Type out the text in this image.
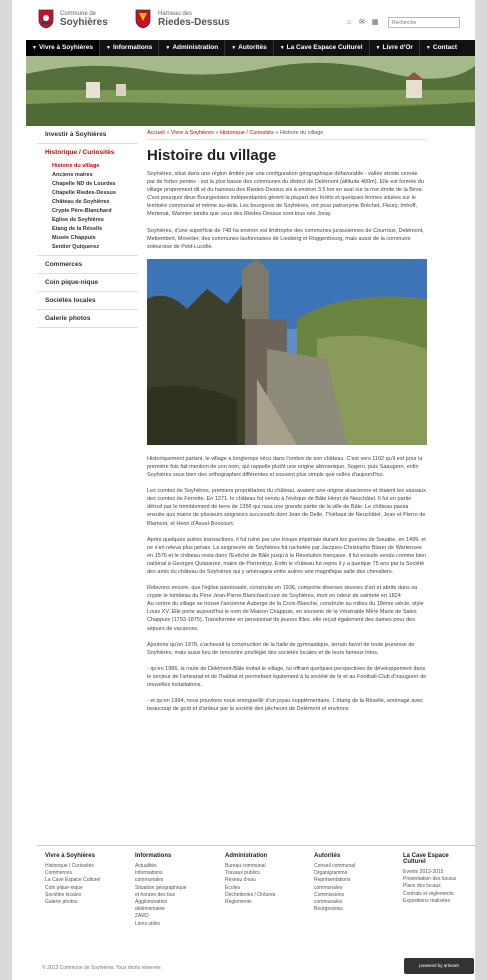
Commune de
Soyhières
Hameau des
Riedes-Dessus	⌂ ✉ ▦
Recherche
▼ Vivre à Soyhières	▼ Informations	▼ Administration	▼ Autorités	▼ La Cave Espace Culturel	▼ Livre d'Or	▼ Contact
Investir à Soyhières
Historique / Curiosités
Histoire du village
Anciens maires
Chapelle ND de Lourdes
Chapelle Riedes-Dessus
Château de Soyhières
Crypte Père-Blanchard
Eglise de Soyhières
Etang de la Réselle
Musée Chappuis
Sentier Quiquerez
Commerces
Coin pique-nique
Sociétés locales
Galerie photos
Accueil » Vivre à Soyhières » Historique / Curiosités » Histoire du village
Histoire du village

Soyhières, situé dans une région limitée par une configuration géographique défavorable - vallée étroite cernée par de fortes pentes - est la plus basse des communes du district de Delémont (altitude 400m). Elle est formée du village proprement dit et du hameau des Riedes-Dessus sis à environ 3.5 km en aval sur la rive droite de la Birse. C'est pourquoi deux Bourgeoisies indépendantes gèrent la plupart des forêts et quelques fermes situées sur le territoire communal et même au-delà. Les bourgeois de Soyhières, ont pour patronyme Bréchet, Fleury, Imhoff, Mertenat, Wannier tandis que ceux des Riedes-Dessus sont tous nés Joray.

Soyhières, d'une superficie de 748 ha environ est limitrophe des communes jurassiennes de Courroux, Delémont, Mettembert, Movelier, des communes laufonnaises de Liesberg et Roggenbourg, mais aussi de la commune soleuroise de Petit-Lucelle.

Historiquement parlant, le village a longtemps vécu dans l'ombre de son château. C'est vers 1102 qu'il est pour la première fois fait mention de son nom, qui rappelle plutôt une origine alémanique. Sogern, puis Saaugern, enfin Soyhières sous bien des orthographes différentes et souvent plus simple que celles d'aujourd'hui.

Les comtes de Soyhières, premiers propriétaires du château, avaient une origine alsacienne et étaient les vassaux des comtes de Ferrette. En 1271, le château fut vendu à l'évêque de Bâle Henri de Neuchâtel. Il fut en partie détruit par le tremblement de terre de 1356 qui rasa une grande partie de la ville de Bâle. Le château passa ensuite aux mains de plusieurs seigneurs successifs dont Jean de Delle, Thiébaut de Neuchâtel, Jean et Pierre de Blamont, et Henri d'Asuel-Boncourt.

Après quelques autres transactions, il fut ruiné par une troupe impériale durant les guerres de Souabe, en 1499, et ne s'en releva plus jamais. La seigneurie de Soyhières fut rachetée par Jacques-Christophe Blarer de Wartensee en 1576 et le château resta dans l'Evêché de Bâle jusqu'à la Révolution française. Il fut ensuite vendu comme bien national à Georges Quiquerez, maire de Porrentruy. Enfin le château fut repris il y a quelque 75 ans par la Société des amis du château de Soyhières qui y aménagea entre autres une magnifique salle des chevaliers.

Relevons encore, que l'église paroissiale, construite en 1936, comporte diverses œuvres d'art et abrite dans sa crypte le tombeau du Père Jean-Pierre Blanchard curé de Soyhières, mort en odeur de sainteté en 1824

Au centre du village se trouve l'ancienne Auberge de la Croix-Blanche, construite au milieu du 18ème siècle, style Louis XV. Elle porte aujourd'hui le nom de Maison Chappuis, en souvenir de la Vénérable Mère Marie de Sales Chappuis (1793-1875). Transformée en pensionnat de jeunes filles, elle reçoit également des dames pour des séjours de vacances.

Ajoutons qu'en 1978, s'achevait la construction de la halle de gymnastique, terrain favori de toute jeunesse de Soyhières, mais aussi lieu de rencontre privilégié des sociétés locales et de leurs fameux lotos.

- qu'en 1986, la route de Delémont-Bâle évitait le village, lui offrant quelques perspectives de développement dans le secteur de l'artisanat et de l'habitat et permettant également à la société de tir et au Football-Club d'inaugurer de nouvelles installations.

- et qu'en 1994, nous pouvions nous enorgueillir d'un joyau supplémentaire. L'étang de la Réselle, aménagé avec beaucoup de goût et d'ardeur par la société des pêcheurs de Delémont et environs

Vivre à Soyhières
Historique / Curiosités
Commerces
La Cave Espace Culturel
Coin pique-nique
Sociétés locales
Galerie photos
Informations
Actualités
Informations
communales
Situation géographique
et horaire des bus
Agglomération
delémontaine
ZARD
Liens utiles
Administration
Bureau communal
Travaux publics
Réseau d'eau
Ecoles
Déchetteries / Ordures
Règlements
Autorités
Conseil communal
Organigramme
Représentations
communales
Commissions
communales
Bourgeoisies
La Cave Espace Culturel
Events 2013-2015
Présentation des locaux
Plans des locaux
Contrats et règlements
Expositions réalisées
© 2013 Commune de Soyhières. Tous droits réservés	powered by artionet
